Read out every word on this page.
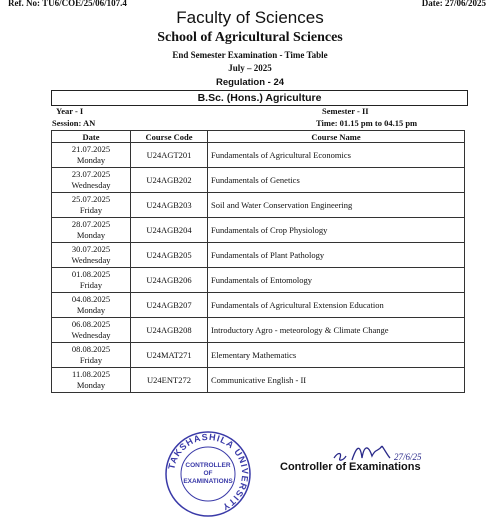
Ref. No: TU6/COE/25/06/107.4	Date: 27/06/2025
Faculty of Sciences
School of Agricultural Sciences
End Semester Examination - Time Table
July – 2025
Regulation - 24
B.Sc. (Hons.) Agriculture
Year - I	Semester - II
Session: AN	Time: 01.15 pm to 04.15 pm
Date	Course Code	Course Name

21.07.2025
Monday	U24AGT201	Fundamentals of Agricultural Economics

23.07.2025
Wednesday	U24AGB202	Fundamentals of Genetics

25.07.2025
Friday	U24AGB203	Soil and Water Conservation Engineering

28.07.2025
Monday	U24AGB204	Fundamentals of Crop Physiology

30.07.2025
Wednesday	U24AGB205	Fundamentals of Plant Pathology

01.08.2025
Friday	U24AGB206	Fundamentals of Entomology

04.08.2025
Monday	U24AGB207	Fundamentals of Agricultural Extension Education

06.08.2025
Wednesday	U24AGB208	Introductory Agro - meteorology & Climate Change

08.08.2025
Friday	U24MAT271	Elementary Mathematics

11.08.2025
Monday	U24ENT272	Communicative English - II
TAKSHASHILA UNIVERSITY
CONTROLLER OF EXAMINATIONS
27/6/25
Controller of Examinations
